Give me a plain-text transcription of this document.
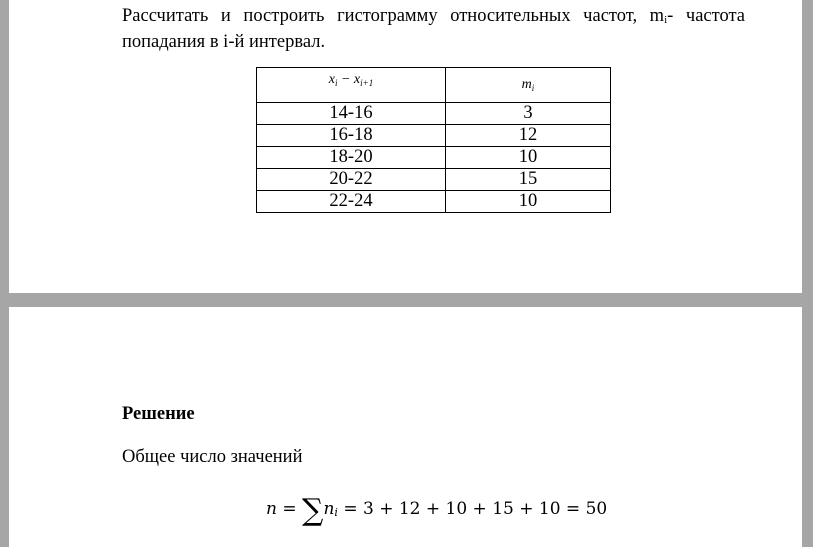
Рассчитать и построить гистограмму относительных частот, mi- частота попадания в i-й интервал.
$x_i - x_{i+1}$	$m_i$
14-16	3
16-18	12
18-20	10
20-22	15
22-24	10
Решение
Общее число значений
n = ∑ni = 3 + 12 + 10 + 15 + 10 = 50
